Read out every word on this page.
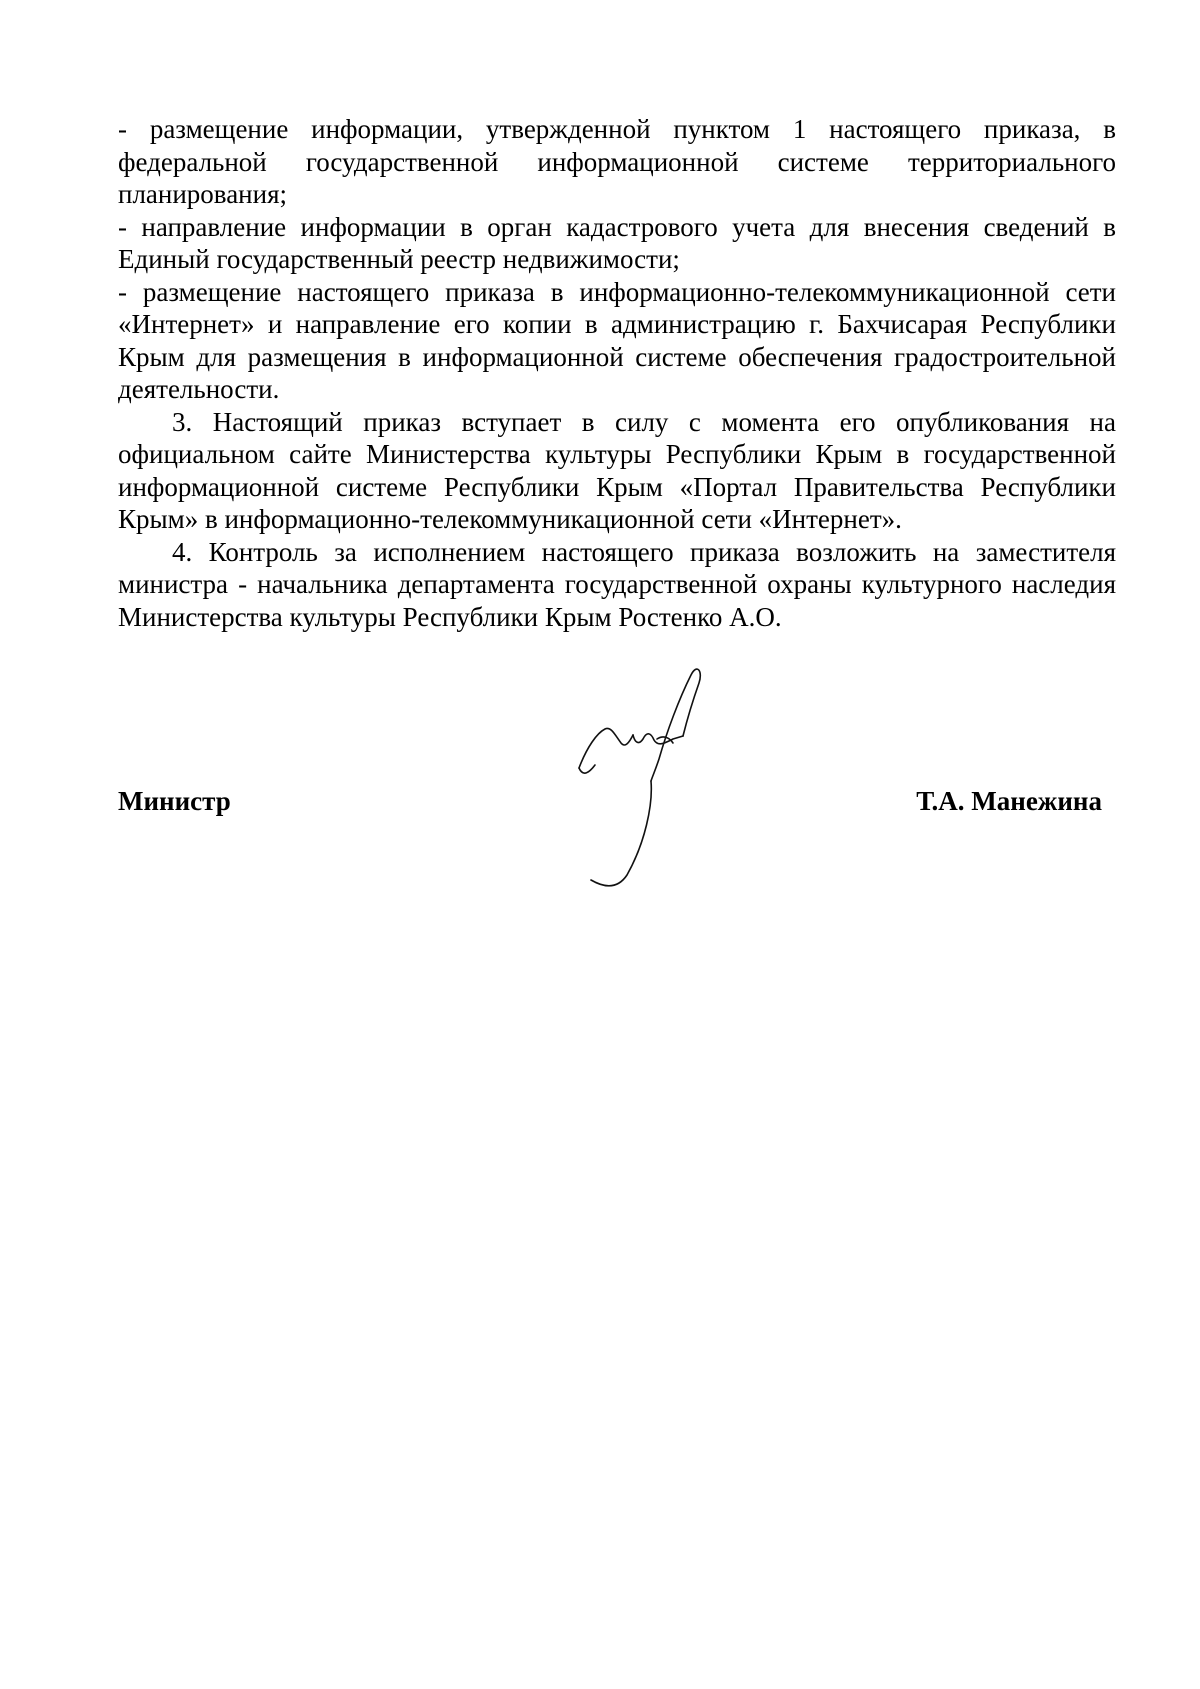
- размещение информации, утвержденной пунктом 1 настоящего приказа, в федеральной государственной информационной системе территориального планирования;

- направление информации в орган кадастрового учета для внесения сведений в Единый государственный реестр недвижимости;

- размещение настоящего приказа в информационно-телекоммуникационной сети «Интернет» и направление его копии в администрацию г. Бахчисарая Республики Крым для размещения в информационной системе обеспечения градостроительной деятельности.

3. Настоящий приказ вступает в силу с момента его опубликования на официальном сайте Министерства культуры Республики Крым в государственной информационной системе Республики Крым «Портал Правительства Республики Крым» в информационно-телекоммуникационной сети «Интернет».

4. Контроль за исполнением настоящего приказа возложить на заместителя министра - начальника департамента государственной охраны культурного наследия Министерства культуры Республики Крым Ростенко А.О.

Министр	Т.А. Манежина
